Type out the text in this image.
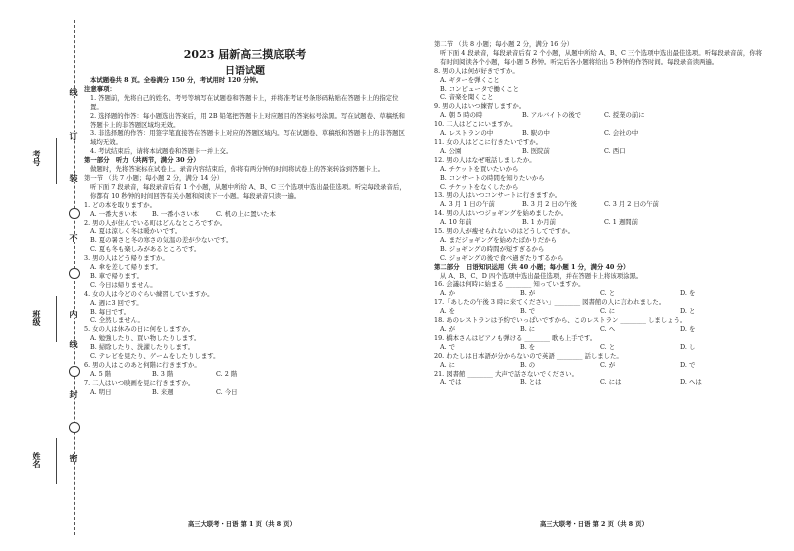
线
订
装
不
内
线
封
密
考号
班级
姓名
2023 届新高三摸底联考
日语试题
本试题卷共 8 页。全卷满分 150 分，考试用时 120 分钟。
注意事项：
1. 答题前，先将自己的姓名、考号等填写在试题卷和答题卡上，并将准考证号条形码粘贴在答题卡上的指定位置。
2. 选择题的作答：每小题选出答案后，用 2B 铅笔把答题卡上对应题目的答案标号涂黑。写在试题卷、草稿纸和答题卡上的非答题区域均无效。
3. 非选择题的作答：用签字笔直接答在答题卡上对应的答题区域内。写在试题卷、草稿纸和答题卡上的非答题区域均无效。
4. 考试结束后，请将本试题卷和答题卡一并上交。
第一部分　听力（共两节，满分 30 分）
做题时，先将答案标在试卷上。录音内容结束后，你将有两分钟的时间将试卷上的答案转涂到答题卡上。
第一节 （共 7 小题；每小题 2 分，满分 14 分）
听下面 7 段录音，每段录音后有 1 个小题，从题中所给 A、B、C 三个选项中选出最佳选项。听完每段录音后，你都有 10 秒钟的时间回答有关小题和阅读下一小题。每段录音只读一遍。
1. どの本を取りますか。
A. 一番大きい本	B. 一番小さい本	C. 机の上に置いた本
2. 男の人が住んでいる町はどんなところですか。
A. 夏は涼しく冬は暖かいです。
B. 夏の暑さと冬の寒さの気温の差が少ないです。
C. 夏も冬も楽しみがあるところです。
3. 男の人はどう帰りますか。
A. 傘を差して帰ります。
B. 車で帰ります。
C. 今日は帰りません。
4. 女の人は今どのぐらい練習していますか。
A. 週に3 回です。
B. 毎日です。
C. 全然しません。
5. 女の人は休みの日に何をしますか。
A. 勉強したり、買い物したりします。
B. 掃除したり、洗濯したりします。
C. テレビを見たり、ゲームをしたりします。
6. 男の人はこのあと何階に行きますか。
A. 5 階	B. 3 階	C. 2 階
7. 二人はいつ映画を見に行きますか。
A. 明日	B. 来週	C. 今日
第二节 （共 8 小题；每小题 2 分，满分 16 分）
听下面 4 段录音，每段录音后有 2 个小题，从题中所给 A、B、C 三个选项中选出最佳选项。听每段录音前，你将有时间阅读各个小题，每小题 5 秒钟。听完后各小题将给出 5 秒钟的作答时间。每段录音读两遍。
8. 男の人は何が好きですか。
A. ギターを弾くこと
B. コンピュータで働くこと
C. 音楽を聞くこと
9. 男の人はいつ練習しますか。
A. 朝 5 時の時	B. アルバイトの後で	C. 授業の前に
10. 二人はどこにいますか。
A. レストランの中	B. 駅の中	C. 会社の中
11. 女の人はどこに行きたいですか。
A. 公園	B. 医院前	C. 西口
12. 男の人はなぜ電話しましたか。
A. チケットを買いたいから
B. コンサートの時間を知りたいから
C. チケットをなくしたから
13. 男の人はいつコンサートに行きますか。
A. 3 月 1 日の午前	B. 3 月 2 日の午後	C. 3 月 2 日の午前
14. 男の人はいつジョギングを始めましたか。
A. 10 年前	B. 1 か月前	C. 1 週間前
15. 男の人が瘦せられないのはどうしてですか。
A. まだジョギングを始めたばかりだから
B. ジョギングの時間が短すぎるから
C. ジョギングの後で食べ過ぎたりするから
第二部分　日语知识运用（共 40 小题；每小题 1 分，满分 40 分）
从 A、B、C、D 四个选项中选出最佳选项，并在答题卡上将该项涂黑。
16. 会議は何時に始まる ________ 知っていますか。
A. か	B. が	C. と	D. を
17.「あしたの午後 3 時に来てください」________ 図書館の人に言われました。
A. を	B. で	C. に	D. と
18. あのレストランは予約でいっぱいですから、このレストラン ________ しましょう。
A. が	B. に	C. へ	D. を
19. 橋本さんはピアノも弾ける ________ 歌も上手です。
A. で	B. を	C. と	D. し
20. わたしは日本語が分からないので英語 ________ 話しました。
A. に	B. の	C. が	D. で
21. 図書館 ________ 大声で話さないでください。
A. では	B. とは	C. には	D. へは
高三大联考・日语 第 1 页（共 8 页）	高三大联考・日语 第 2 页（共 8 页）
